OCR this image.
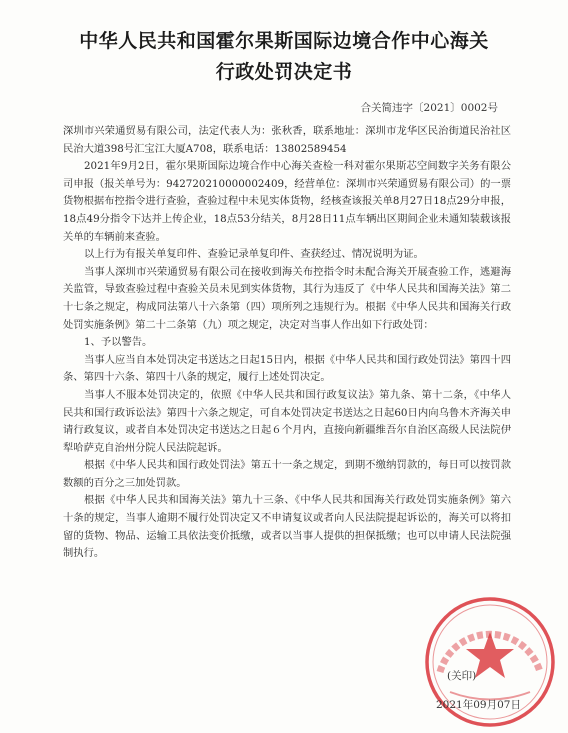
中华人民共和国霍尔果斯国际边境合作中心海关
行政处罚决定书
合关简违字〔2021〕0002号

深圳市兴荣通贸易有限公司，法定代表人为：张秋香，联系地址：深圳市龙华区民治街道民治社区民治大道398号汇宝江大厦A708，联系电话：13802589454

2021年9月2日，霍尔果斯国际边境合作中心海关查检一科对霍尔果斯芯空间数字关务有限公司申报（报关单号为：942720210000002409，经营单位：深圳市兴荣通贸易有限公司）的一票货物根据布控指令进行查验，查验过程中未见实体货物，经核查该报关单8月27日18点29分申报，18点49分指令下达并上传企业，18点53分结关，8月28日11点车辆出区期间企业未通知装载该报关单的车辆前来查验。

以上行为有报关单复印件、查验记录单复印件、查获经过、情况说明为证。

当事人深圳市兴荣通贸易有限公司在接收到海关布控指令时未配合海关开展查验工作，逃避海关监管，导致查验过程中查验关员未见到实体货物，其行为违反了《中华人民共和国海关法》第二十七条之规定，构成同法第八十六条第（四）项所列之违规行为。根据《中华人民共和国海关行政处罚实施条例》第二十二条第（九）项之规定，决定对当事人作出如下行政处罚：

1、予以警告。

当事人应当自本处罚决定书送达之日起15日内，根据《中华人民共和国行政处罚法》第四十四条、第四十六条、第四十八条的规定，履行上述处罚决定。

当事人不服本处罚决定的，依照《中华人民共和国行政复议法》第九条、第十二条，《中华人民共和国行政诉讼法》第四十六条之规定，可自本处罚决定书送达之日起60日内向乌鲁木齐海关申请行政复议，或者自本处罚决定书送达之日起６个月内，直接向新疆维吾尔自治区高级人民法院伊犁哈萨克自治州分院人民法院起诉。

根据《中华人民共和国行政处罚法》第五十一条之规定，到期不缴纳罚款的，每日可以按罚款数额的百分之三加处罚款。

根据《中华人民共和国海关法》第九十三条、《中华人民共和国海关行政处罚实施条例》第六十条的规定，当事人逾期不履行处罚决定又不申请复议或者向人民法院提起诉讼的，海关可以将扣留的货物、物品、运输工具依法变价抵缴，或者以当事人提供的担保抵缴；也可以申请人民法院强制执行。

(关印)
2021年09月07日
